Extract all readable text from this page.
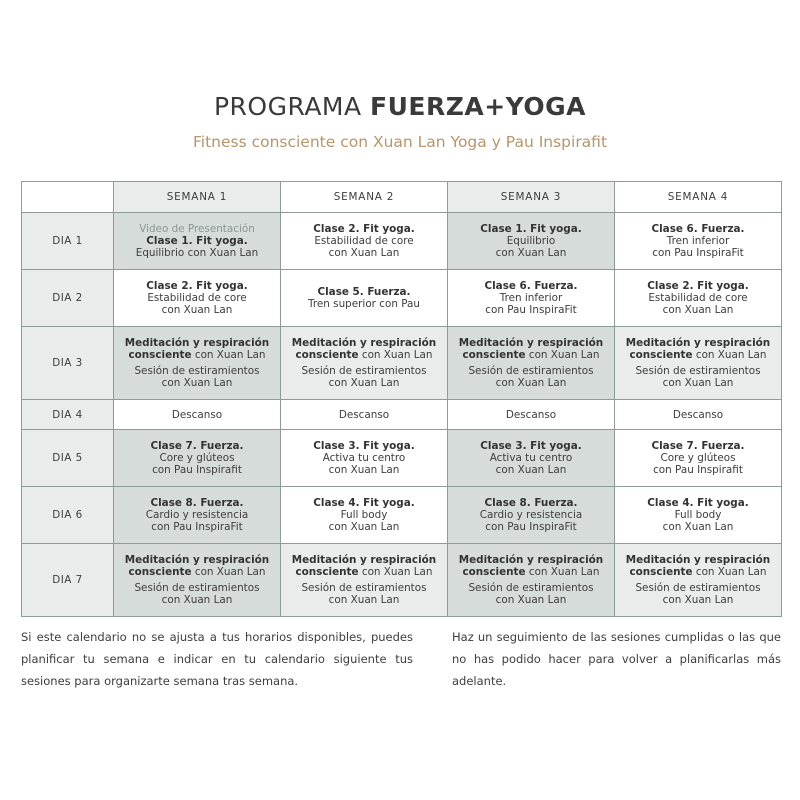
PROGRAMA FUERZA+YOGA

Fitness consciente con Xuan Lan Yoga y Pau Inspirafit

	SEMANA 1	SEMANA 2	SEMANA 3	SEMANA 4
DIA 1	Video de Presentación
Clase 1. Fit yoga.
Equilibrio con Xuan Lan	Clase 2. Fit yoga.
Estabilidad de core
con Xuan Lan	Clase 1. Fit yoga.
Equilibrio
con Xuan Lan	Clase 6. Fuerza.
Tren inferior
con Pau InspiraFit

DIA 2	Clase 2. Fit yoga.
Estabilidad de core
con Xuan Lan	Clase 5. Fuerza.
Tren superior con Pau	Clase 6. Fuerza.
Tren inferior
con Pau InspiraFit	Clase 2. Fit yoga.
Estabilidad de core
con Xuan Lan

DIA 3	Meditación y respiración
consciente con Xuan Lan
Sesión de estiramientos
con Xuan Lan	Meditación y respiración
consciente con Xuan Lan
Sesión de estiramientos
con Xuan Lan	Meditación y respiración
consciente con Xuan Lan
Sesión de estiramientos
con Xuan Lan	Meditación y respiración
consciente con Xuan Lan
Sesión de estiramientos
con Xuan Lan

DIA 4	Descanso	Descanso	Descanso	Descanso

DIA 5	Clase 7. Fuerza.
Core y glúteos
con Pau Inspirafit	Clase 3. Fit yoga.
Activa tu centro
con Xuan Lan	Clase 3. Fit yoga.
Activa tu centro
con Xuan Lan	Clase 7. Fuerza.
Core y glúteos
con Pau Inspirafit

DIA 6	Clase 8. Fuerza.
Cardio y resistencia
con Pau InspiraFit	Clase 4. Fit yoga.
Full body
con Xuan Lan	Clase 8. Fuerza.
Cardio y resistencia
con Pau InspiraFit	Clase 4. Fit yoga.
Full body
con Xuan Lan

DIA 7	Meditación y respiración
consciente con Xuan Lan
Sesión de estiramientos
con Xuan Lan	Meditación y respiración
consciente con Xuan Lan
Sesión de estiramientos
con Xuan Lan	Meditación y respiración
consciente con Xuan Lan
Sesión de estiramientos
con Xuan Lan	Meditación y respiración
consciente con Xuan Lan
Sesión de estiramientos
con Xuan Lan

Si este calendario no se ajusta a tus horarios disponibles, puedes planificar tu semana e indicar en tu calendario siguiente tus sesiones para organizarte semana tras semana.

Haz un seguimiento de las sesiones cumplidas o las que no has podido hacer para volver a planificarlas más adelante.
